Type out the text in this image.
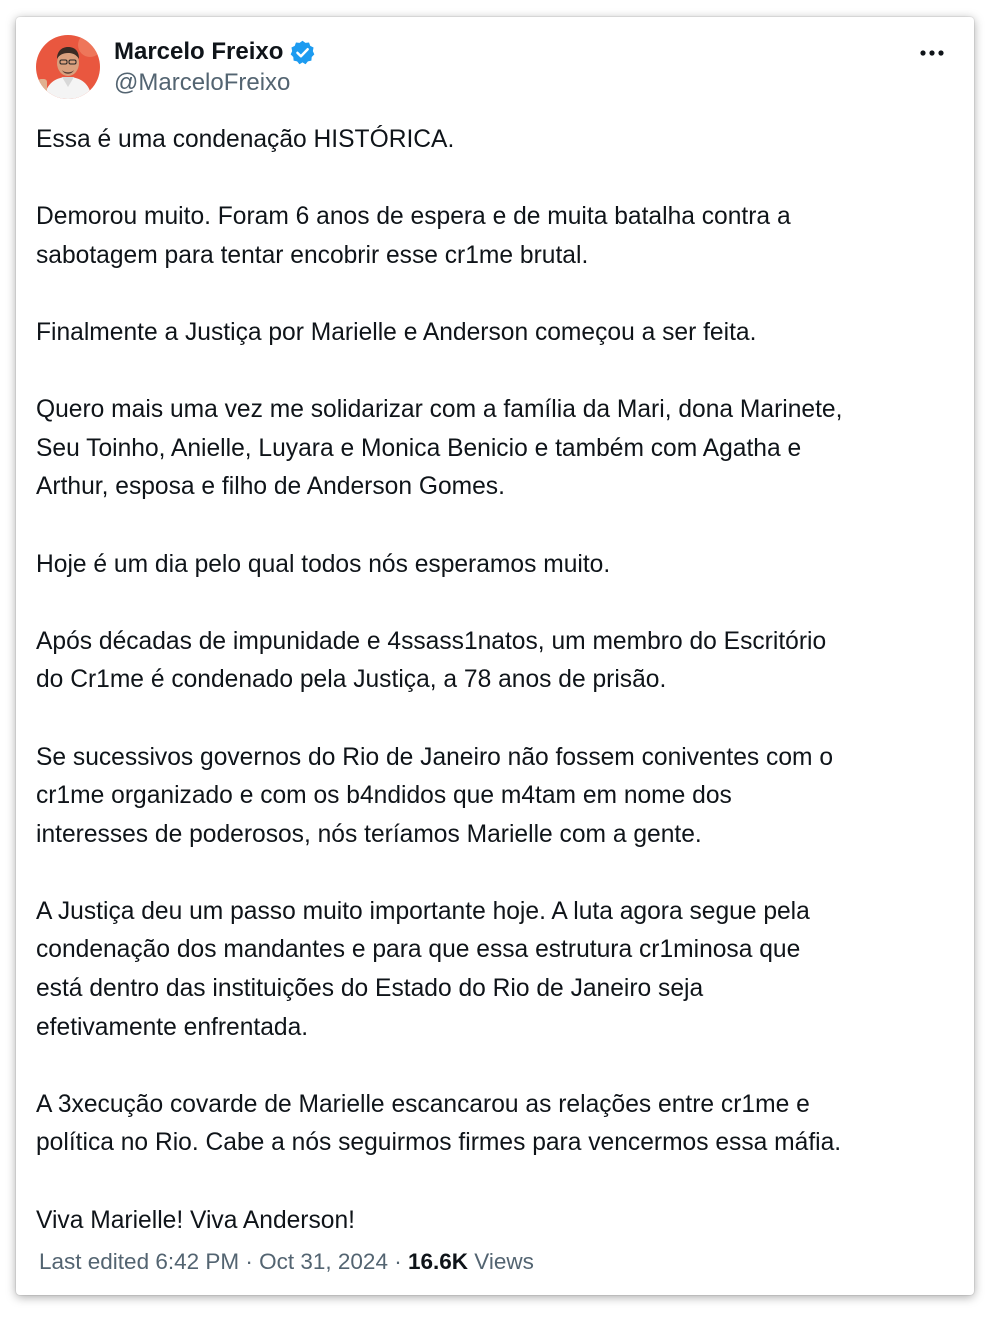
Marcelo Freixo
@MarceloFreixo

Essa é uma condenação HISTÓRICA.

Demorou muito. Foram 6 anos de espera e de muita batalha contra a
sabotagem para tentar encobrir esse cr1me brutal.

Finalmente a Justiça por Marielle e Anderson começou a ser feita.

Quero mais uma vez me solidarizar com a família da Mari, dona Marinete,
Seu Toinho, Anielle, Luyara e Monica Benicio e também com Agatha e
Arthur, esposa e filho de Anderson Gomes.

Hoje é um dia pelo qual todos nós esperamos muito.

Após décadas de impunidade e 4ssass1natos, um membro do Escritório
do Cr1me é condenado pela Justiça, a 78 anos de prisão.

Se sucessivos governos do Rio de Janeiro não fossem coniventes com o
cr1me organizado e com os b4ndidos que m4tam em nome dos
interesses de poderosos, nós teríamos Marielle com a gente.

A Justiça deu um passo muito importante hoje. A luta agora segue pela
condenação dos mandantes e para que essa estrutura cr1minosa que
está dentro das instituições do Estado do Rio de Janeiro seja
efetivamente enfrentada.

A 3xecução covarde de Marielle escancarou as relações entre cr1me e
política no Rio. Cabe a nós seguirmos firmes para vencermos essa máfia.

Viva Marielle! Viva Anderson!

Last edited 6:42 PM · Oct 31, 2024 · 16.6K Views
